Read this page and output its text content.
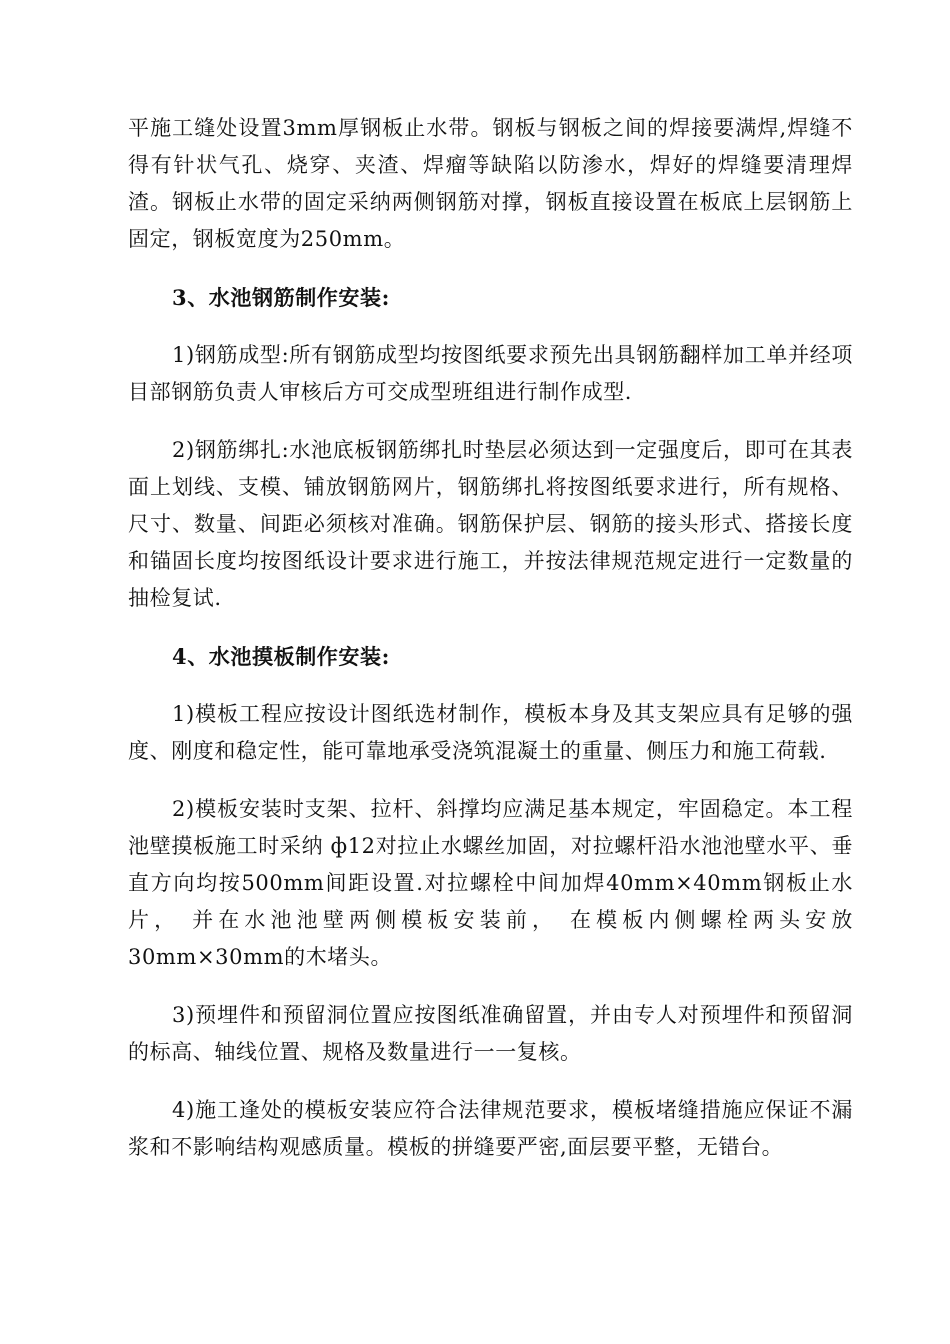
平施工缝处设置3mm厚钢板止水带。钢板与钢板之间的焊接要满焊,焊缝不得有针状气孔、烧穿、夹渣、焊瘤等缺陷以防渗水，焊好的焊缝要清理焊渣。钢板止水带的固定采纳两侧钢筋对撑，钢板直接设置在板底上层钢筋上固定，钢板宽度为250mm。

3、水池钢筋制作安装:

1)钢筋成型:所有钢筋成型均按图纸要求预先出具钢筋翻样加工单并经项目部钢筋负责人审核后方可交成型班组进行制作成型.

2)钢筋绑扎:水池底板钢筋绑扎时垫层必须达到一定强度后，即可在其表面上划线、支模、铺放钢筋网片，钢筋绑扎将按图纸要求进行，所有规格、尺寸、数量、间距必须核对准确。钢筋保护层、钢筋的接头形式、搭接长度和锚固长度均按图纸设计要求进行施工，并按法律规范规定进行一定数量的抽检复试.

4、水池摸板制作安装:

1)模板工程应按设计图纸选材制作，模板本身及其支架应具有足够的强度、刚度和稳定性，能可靠地承受浇筑混凝土的重量、侧压力和施工荷载.

2)模板安装时支架、拉杆、斜撑均应满足基本规定，牢固稳定。本工程池壁摸板施工时采纳 ф12对拉止水螺丝加固，对拉螺杆沿水池池壁水平、垂直方向均按500mm间距设置.对拉螺栓中间加焊40mm×40mm钢板止水片， 并在水池池壁两侧模板安装前， 在模板内侧螺栓两头安放30mm×30mm的木堵头。

3)预埋件和预留洞位置应按图纸准确留置，并由专人对预埋件和预留洞的标高、轴线位置、规格及数量进行一一复核。

4)施工逢处的模板安装应符合法律规范要求，模板堵缝措施应保证不漏浆和不影响结构观感质量。模板的拼缝要严密,面层要平整，无错台。
